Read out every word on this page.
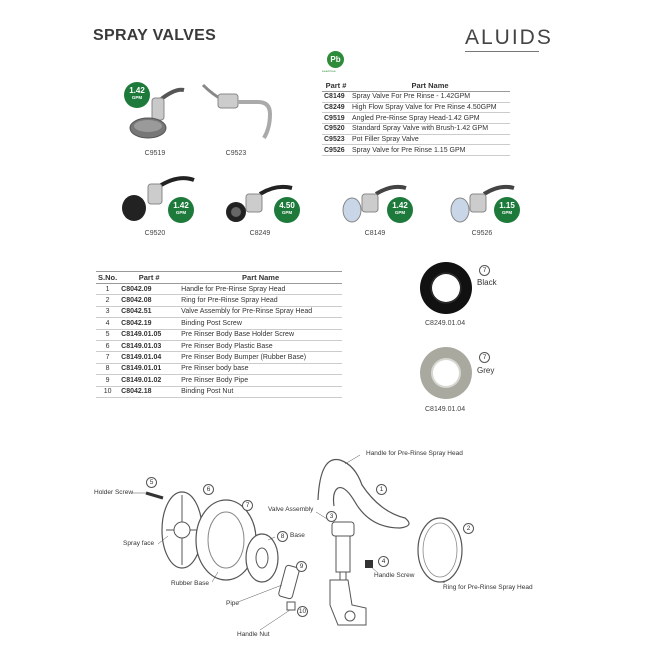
SPRAY VALVES	ALUIDS
Pb
Lead Free
Part #	Part Name
C8149	Spray Valve For Pre Rinse - 1.42GPM
C8249	High Flow Spray Valve for Pre Rinse 4.50GPM
C9519	Angled Pre-Rinse Spray Head-1.42 GPM
C9520	Standard Spray Valve with Brush-1.42 GPM
C9523	Pot Filler Spray Valve
C9526	Spray Valve for Pre Rinse 1.15 GPM
1.42
GPM
C9519	C9523
1.42
GPM
C9520
4.50
GPM
C8249
1.42
GPM
C8149
1.15
GPM
C9526
S.No.	Part #	Part Name
1	C8042.09	Handle for Pre-Rinse Spray Head
2	C8042.08	Ring for Pre-Rinse Spray Head
3	C8042.51	Valve Assembly for Pre-Rinse Spray Head
4	C8042.19	Binding Post Screw
5	C8149.01.05	Pre Rinser Body Base Holder Screw
6	C8149.01.03	Pre Rinser Body Plastic Base
7	C8149.01.04	Pre Rinser Body Bumper (Rubber Base)
8	C8149.01.01	Pre Rinser body base
9	C8149.01.02	Pre Rinser Body Pipe
10	C8042.18	Binding Post Nut
7
Black
C8249.01.04
7
Grey
C8149.01.04
1
2
3
4
5
6
7
8
9
10
Handle for Pre-Rinse Spray Head
Holder Screw
Valve Assembly
Spray face
Base
Handle Screw
Rubber Base
Ring for Pre-Rinse Spray Head
Pipe
Handle Nut
